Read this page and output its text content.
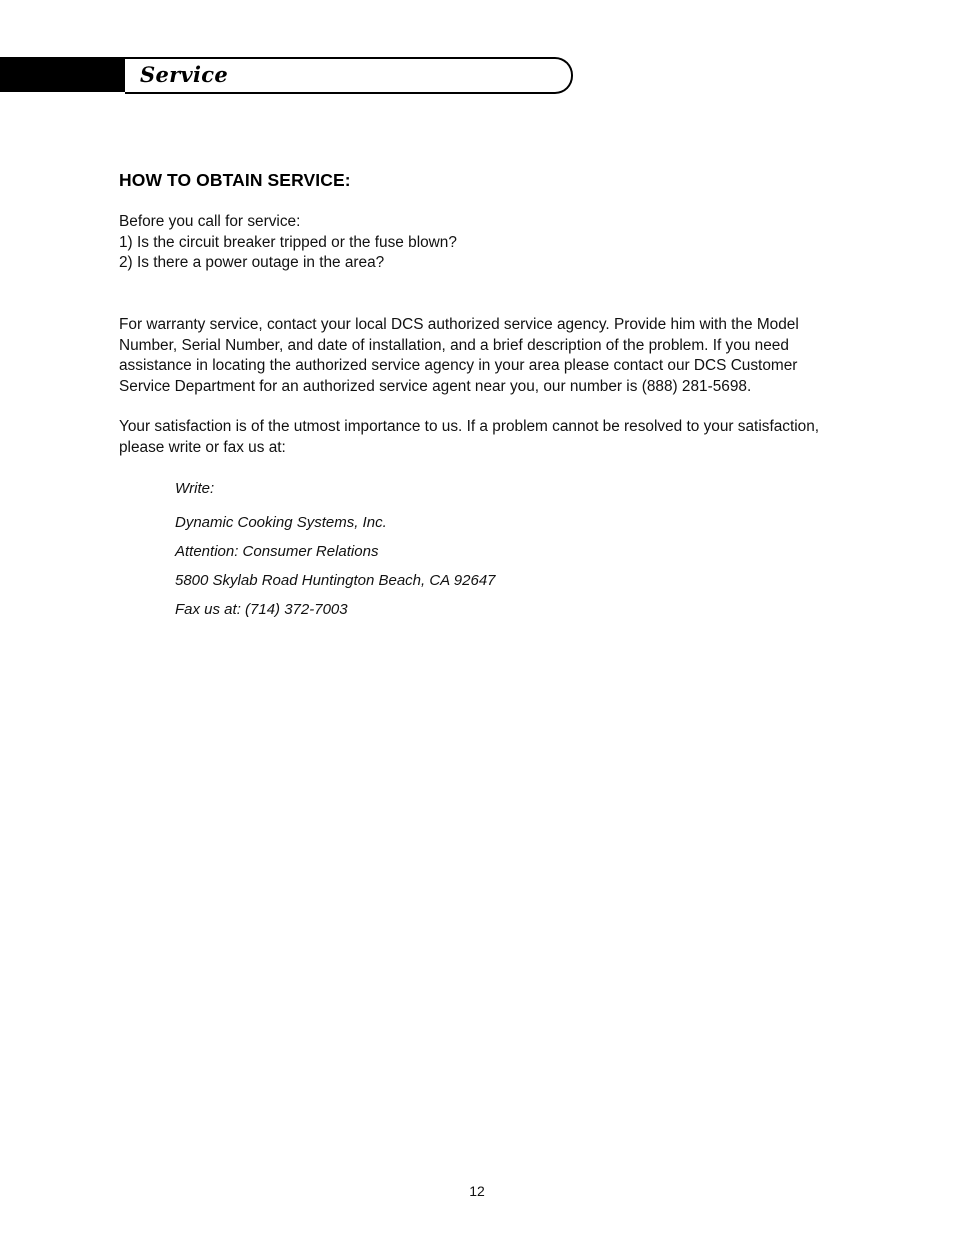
Service
HOW TO OBTAIN SERVICE:

Before you call for service:

1) Is the circuit breaker tripped or the fuse blown?

2) Is there a power outage in the area?

For warranty service, contact your local DCS authorized service agency. Provide him with the Model Number, Serial Number, and date of installation, and a brief description of the problem. If you need assistance in locating the authorized service agency in your area please contact our DCS Customer Service Department for an authorized service agent near you, our number is (888) 281-5698.
Your satisfaction is of the utmost importance to us. If a problem cannot be resolved to your satisfaction, please write or fax us at:
Write:
Dynamic Cooking Systems, Inc.
Attention: Consumer Relations
5800 Skylab Road Huntington Beach, CA 92647
Fax us at: (714) 372-7003
12
